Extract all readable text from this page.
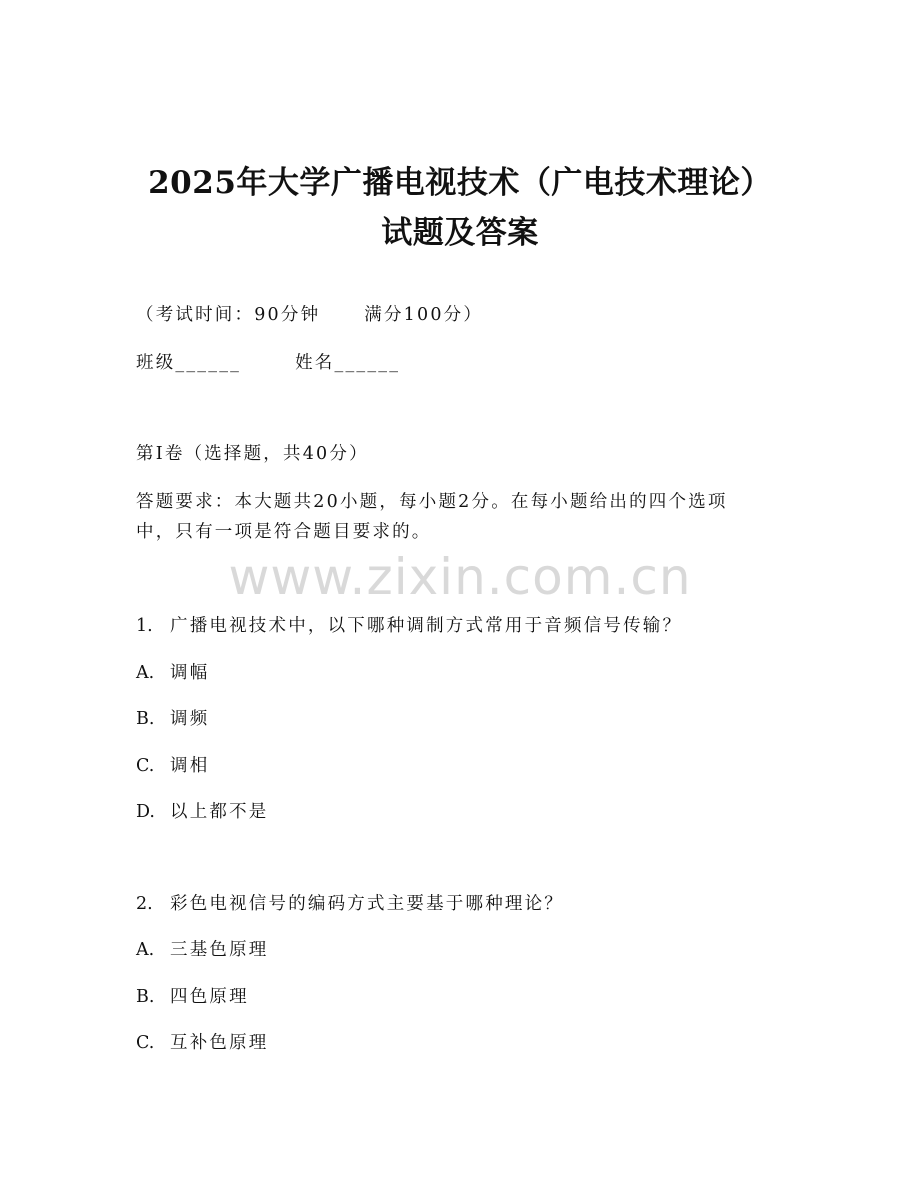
2025年大学广播电视技术（广电技术理论）
试题及答案

（考试时间：90分钟	满分100分）

班级______	姓名______

第Ⅰ卷（选择题，共40分）

答题要求：本大题共20小题，每小题2分。在每小题给出的四个选项

中，只有一项是符合题目要求的。

www.zixin.com.cn

1. 广播电视技术中，以下哪种调制方式常用于音频信号传输？

A. 调幅

B. 调频

C. 调相

D. 以上都不是

2. 彩色电视信号的编码方式主要基于哪种理论？

A. 三基色原理

B. 四色原理

C. 互补色原理
